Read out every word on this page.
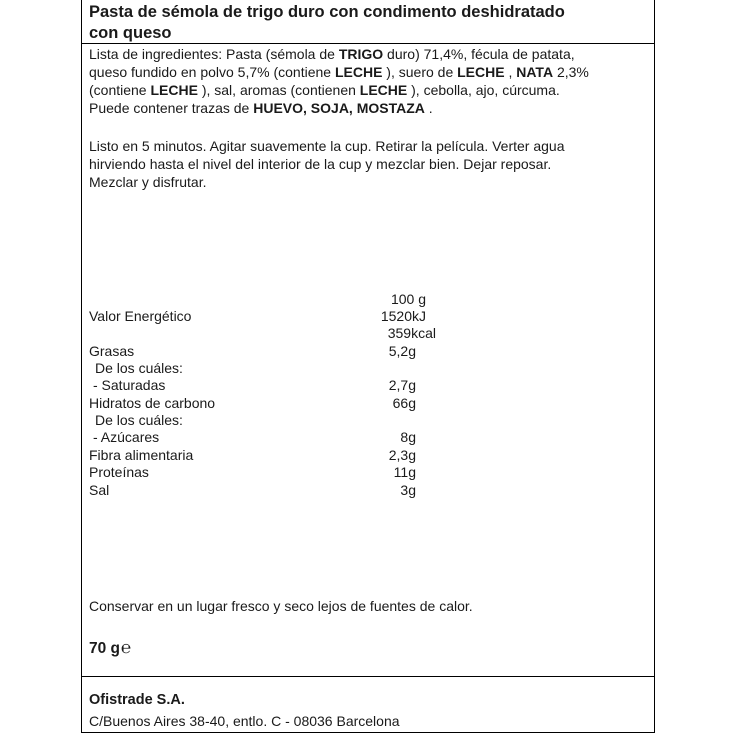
Pasta de sémola de trigo duro con condimento deshidratado
con queso
Lista de ingredientes: Pasta (sémola de TRIGO duro) 71,4%, fécula de patata,
queso fundido en polvo 5,7% (contiene LECHE ), suero de LECHE , NATA 2,3%
(contiene LECHE ), sal, aromas (contienen LECHE ), cebolla, ajo, cúrcuma.
Puede contener trazas de HUEVO, SOJA, MOSTAZA .
Listo en 5 minutos. Agitar suavemente la cup. Retirar la película. Verter agua
hirviendo hasta el nivel del interior de la cup y mezclar bien. Dejar reposar.
Mezclar y disfrutar.
100 g
Valor Energético	1520kJ
359kcal
Grasas	5,2g
De los cuáles:
- Saturadas	2,7g
Hidratos de carbono	66g
De los cuáles:
- Azúcares	8g
Fibra alimentaria	2,3g
Proteínas	11g
Sal	3g
Conservar en un lugar fresco y seco lejos de fuentes de calor.
70 g℮
Ofistrade S.A.
C/Buenos Aires 38-40, entlo. C - 08036 Barcelona
